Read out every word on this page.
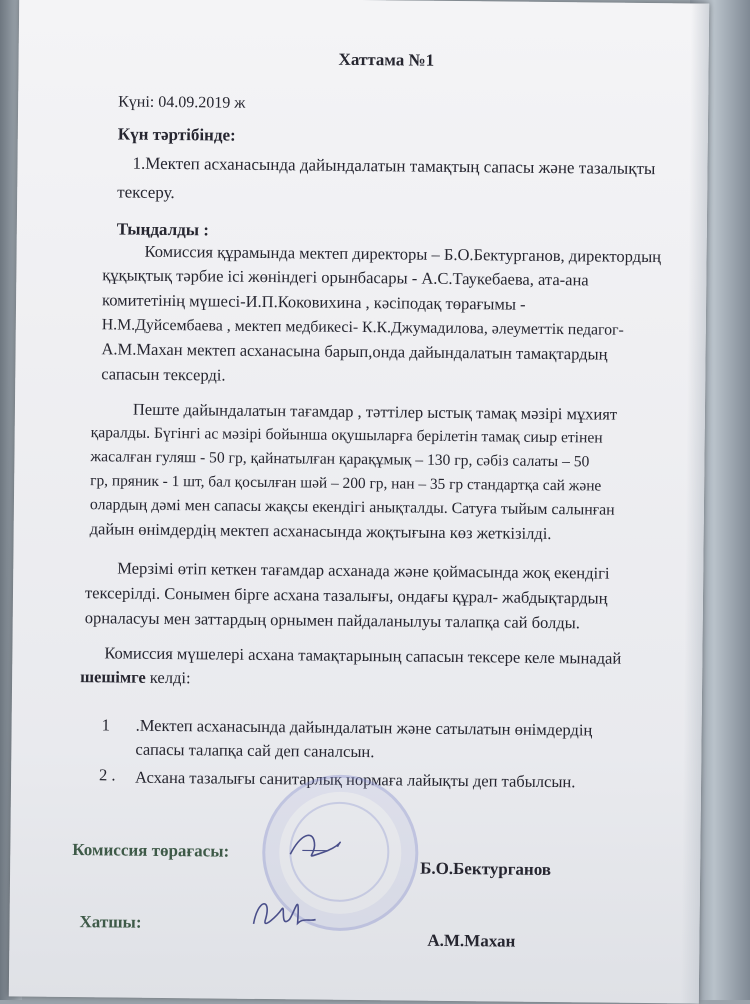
Хаттама №1
Күні: 04.09.2019 ж
Күн тәртібінде:
1.Мектеп асханасында дайындалатын тамақтың сапасы және тазалықты
тексеру.
Тыңдалды :
Комиссия құрамында мектеп директоры – Б.О.Бектурганов, директордың
құқықтық тәрбие ісі жөніндегі орынбасары - А.С.Таукебаева, ата-ана
комитетінің мүшесі-И.П.Коковихина , кәсіподақ төрағымы -
Н.М.Дуйсембаева , мектеп медбикесі- К.К.Джумадилова, әлеуметтік педагог-
А.М.Махан мектеп асханасына барып,онда дайындалатын тамақтардың
сапасын тексерді.
Пеште дайындалатын тағамдар , тәттілер ыстық тамақ мәзірі мұхият
қаралды. Бүгінгі ас мәзірі бойынша оқушыларға берілетін тамақ сиыр етінен
жасалған гуляш - 50 гр, қайнатылған қарақұмық – 130 гр, сәбіз салаты – 50
гр, пряник - 1 шт, бал қосылған шәй – 200 гр, нан – 35 гр стандартқа сай және
олардың дәмі мен сапасы жақсы екендігі анықталды. Сатуға тыйым салынған
дайын өнімдердің мектеп асханасында жоқтығына көз жеткізілді.
Мерзімі өтіп кеткен тағамдар асханада және қоймасында жоқ екендігі
тексерілді. Сонымен бірге асхана тазалығы, ондағы құрал- жабдықтардың
орналасуы мен заттардың орнымен пайдаланылуы талапқа сай болды.
Комиссия мүшелері асхана тамақтарының сапасын тексере келе мынадай
шешімге келді:
1 .Мектеп асханасында дайындалатын және сатылатын өнімдердің
сапасы талапқа сай деп саналсын.
2 . Асхана тазалығы санитарлық нормаға лайықты деп табылсын.
Комиссия төрағасы:
Б.О.Бектурганов
Хатшы:
А.М.Махан
